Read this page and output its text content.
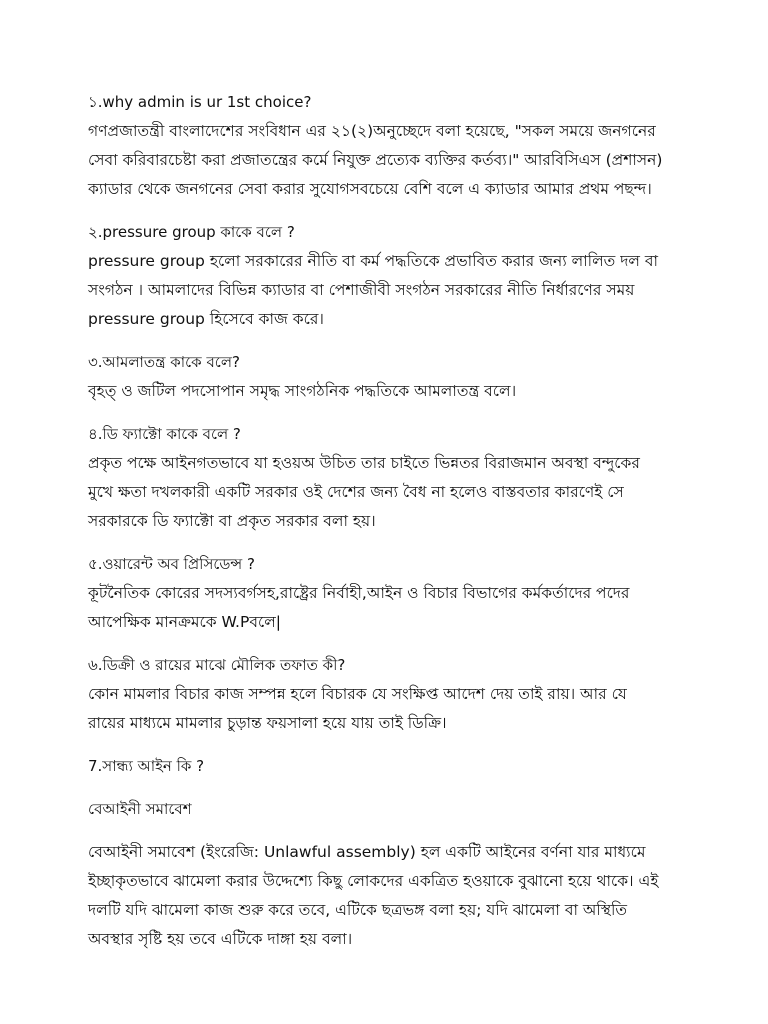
১.why admin is ur 1st choice?
গণপ্রজাতন্ত্রী বাংলাদেশের সংবিধান এর ২১(২)অনুচ্ছেদে বলা হয়েছে, "সকল সময়ে জনগনের
সেবা করিবারচেষ্টা করা প্রজাতন্ত্রের কর্মে নিযুক্ত প্রত্যেক ব্যক্তির কর্তব্য।" আরবিসিএস (প্রশাসন)
ক্যাডার থেকে জনগনের সেবা করার সুযোগসবচেয়ে বেশি বলে এ ক্যাডার আমার প্রথম পছন্দ।
২.pressure group কাকে বলে ?
pressure group হলো সরকারের নীতি বা কর্ম পদ্ধতিকে প্রভাবিত করার জন্য লালিত দল বা
সংগঠন । আমলাদের বিভিন্ন ক্যাডার বা পেশাজীবী সংগঠন সরকারের নীতি নির্ধারণের সময়
pressure group হিসেবে কাজ করে।
৩.আমলাতন্ত্র কাকে বলে?
বৃহত্‍ ও জটিল পদসোপান সমৃদ্ধ সাংগঠনিক পদ্ধতিকে আমলাতন্ত্র বলে।
৪.ডি ফ্যাক্টো কাকে বলে ?
প্রকৃত পক্ষে আইনগতভাবে যা হওয়অ উচিত তার চাইতে ভিন্নতর বিরাজমান অবস্থা বন্দুকের
মুখে ক্ষতা দখলকারী একটি সরকার ওই দেশের জন্য বৈধ না হলেও বাস্তবতার কারণেই সে
সরকারকে ডি ফ্যাক্টো বা প্রকৃত সরকার বলা হয়।
৫.ওয়ারেন্ট অব প্রিসিডেন্স ?
কূটনৈতিক কোরের সদস্যবর্গসহ,রাষ্ট্রের নির্বাহী,আইন ও বিচার বিভাগের কর্মকর্তাদের পদের
আপেক্ষিক মানক্রমকে W.Pবলে|
৬.ডিক্রী ও রায়ের মাঝে মৌলিক তফাত কী?
কোন মামলার বিচার কাজ সম্পন্ন হলে বিচারক যে সংক্ষিপ্ত আদেশ দেয় তাই রায়। আর যে
রায়ের মাধ্যমে মামলার চুড়ান্ত ফয়সালা হয়ে যায় তাই ডিক্রি।
7.সান্ধ্য আইন কি ?
বেআইনী সমাবেশ
বেআইনী সমাবেশ (ইংরেজি: Unlawful assembly) হল একটি আইনের বর্ণনা যার মাধ্যমে
ইচ্ছাকৃতভাবে ঝামেলা করার উদ্দেশ্যে কিছু লোকদের একত্রিত হওয়াকে বুঝানো হয়ে থাকে। এই
দলটি যদি ঝামেলা কাজ শুরু করে তবে, এটিকে ছত্রভঙ্গ বলা হয়; যদি ঝামেলা বা অস্থিতি
অবস্থার সৃষ্টি হয় তবে এটিকে দাঙ্গা হয় বলা।
